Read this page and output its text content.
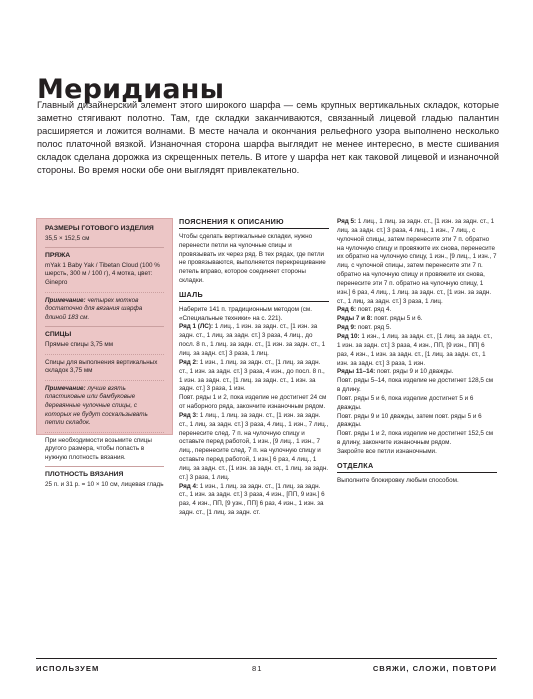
Меридианы

Главный дизайнерский элемент этого широкого шарфа — семь крупных вертикальных складок, которые заметно стягивают полотно. Там, где складки заканчиваются, связанный лицевой гладью палантин расширяется и ложится волнами. В месте начала и окончания рельефного узора выполнено несколько полос платочной вязкой. Изнаночная сторона шарфа выглядит не менее интересно, в месте сшивания складок сделана дорожка из скрещенных петель. В итоге у шарфа нет как таковой лицевой и изнаночной стороны. Во время носки обе они выглядят привлекательно.

РАЗМЕРЫ ГОТОВОГО ИЗДЕЛИЯ

35,5 × 152,5 см

ПРЯЖА

mYak 1 Baby Yak / Tibetan Cloud (100 % шерсть, 300 м / 100 г), 4 мотка, цвет: Ginepro

Примечание: четырех мотков достаточно для вязания шарфа длиной 183 см.

СПИЦЫ

Прямые спицы 3,75 мм

Спицы для выполнения вертикальных складок 3,75 мм

Примечание: лучше взять пластиковые или бамбуковые деревянные чулочные спицы, с которых не будут соскальзывать петли складок.

При необходимости возьмите спицы другого размера, чтобы попасть в нужную плотность вязания.

ПЛОТНОСТЬ ВЯЗАНИЯ

25 п. и 31 р. = 10 × 10 см, лицевая гладь

ПОЯСНЕНИЯ К ОПИСАНИЮ

Чтобы сделать вертикальные складки, нужно перенести петли на чулочные спицы и провязывать их через ряд. В тех рядах, где петли не провязываются, выполняется перекрещивание петель вправо, которое соединяет стороны складки.

ШАЛЬ

Наберите 141 п. традиционным методом (см. «Специальные техники» на с. 221).

Ряд 1 (ЛС): 1 лиц., 1 изн. за задн. ст., [1 изн. за задн. ст., 1 лиц. за задн. ст.] 3 раза, 4 лиц., до посл. 8 п., 1 лиц. за задн. ст., [1 изн. за задн. ст., 1 лиц. за задн. ст.] 3 раза, 1 лиц.

Ряд 2: 1 изн., 1 лиц. за задн. ст., [1 лиц. за задн. ст., 1 изн. за задн. ст.] 3 раза, 4 изн., до посл. 8 п., 1 изн. за задн. ст., [1 лиц. за задн. ст., 1 изн. за задн. ст.] 3 раза, 1 изн.

Повт. ряды 1 и 2, пока изделие не достигнет 24 см от наборного ряда, закончите изнаночным рядом.

Ряд 3: 1 лиц., 1 лиц. за задн. ст., [1 изн. за задн. ст., 1 лиц. за задн. ст.] 3 раза, 4 лиц., 1 изн., 7 лиц., перенесите след. 7 п. на чулочную спицу и оставьте перед работой, 1 изн., [9 лиц., 1 изн., 7 лиц., перенесите след. 7 п. на чулочную спицу и оставьте перед работой, 1 изн.] 6 раз, 4 лиц., 1 лиц. за задн. ст., [1 изн. за задн. ст., 1 лиц. за задн. ст.] 3 раза, 1 лиц.

Ряд 4: 1 изн., 1 лиц. за задн. ст., [1 лиц. за задн. ст., 1 изн. за задн. ст.] 3 раза, 4 изн., [ПП, 9 изн.] 6 раз, 4 изн., ПП, [9 узн., ПП] 6 раз, 4 изн., 1 изн. за задн. ст., [1 лиц. за задн. ст.

Ряд 5: 1 лиц., 1 лиц. за задн. ст., [1 изн. за задн. ст., 1 лиц. за задн. ст.] 3 раза, 4 лиц., 1 изн., 7 лиц., с чулочной спицы, затем перенесите эти 7 п. обратно на чулочную спицу и провяжите их снова, перенесите их обратно на чулочную спицу, 1 изн., [9 лиц., 1 изн., 7 лиц. с чулочной спицы, затем перенесите эти 7 п. обратно на чулочную спицу и провяжите их снова, перенесите эти 7 п. обратно на чулочную спицу, 1 изн.] 6 раз, 4 лиц., 1 лиц. за задн. ст., [1 изн. за задн. ст., 1 лиц. за задн. ст.] 3 раза, 1 лиц.

Ряд 6: повт. ряд 4.

Ряды 7 и 8: повт. ряды 5 и 6.

Ряд 9: повт. ряд 5.

Ряд 10: 1 изн., 1 лиц. за задн. ст., [1 лиц. за задн. ст., 1 изн. за задн. ст.] 3 раза, 4 изн., ПП, [9 изн., ПП] 6 раз, 4 изн., 1 изн. за задн. ст., [1 лиц. за задн. ст., 1 изн. за задн. ст.] 3 раза, 1 изн.

Ряды 11–14: повт. ряды 9 и 10 дважды.

Повт. ряды 5–14, пока изделие не достигнет 128,5 см в длину.

Повт. ряды 5 и 6, пока изделие достигнет 5 и 6 дважды.

Повт. ряды 9 и 10 дважды, затем повт. ряды 5 и 6 дважды.

Повт. ряды 1 и 2, пока изделие не достигнет 152,5 см в длину, закончите изнаночным рядом.

Закройте все петли изнаночными.

ОТДЕЛКА

Выполните блокировку любым способом.

ИСПОЛЬЗУЕМ	81	СВЯЖИ, СЛОЖИ, ПОВТОРИ
